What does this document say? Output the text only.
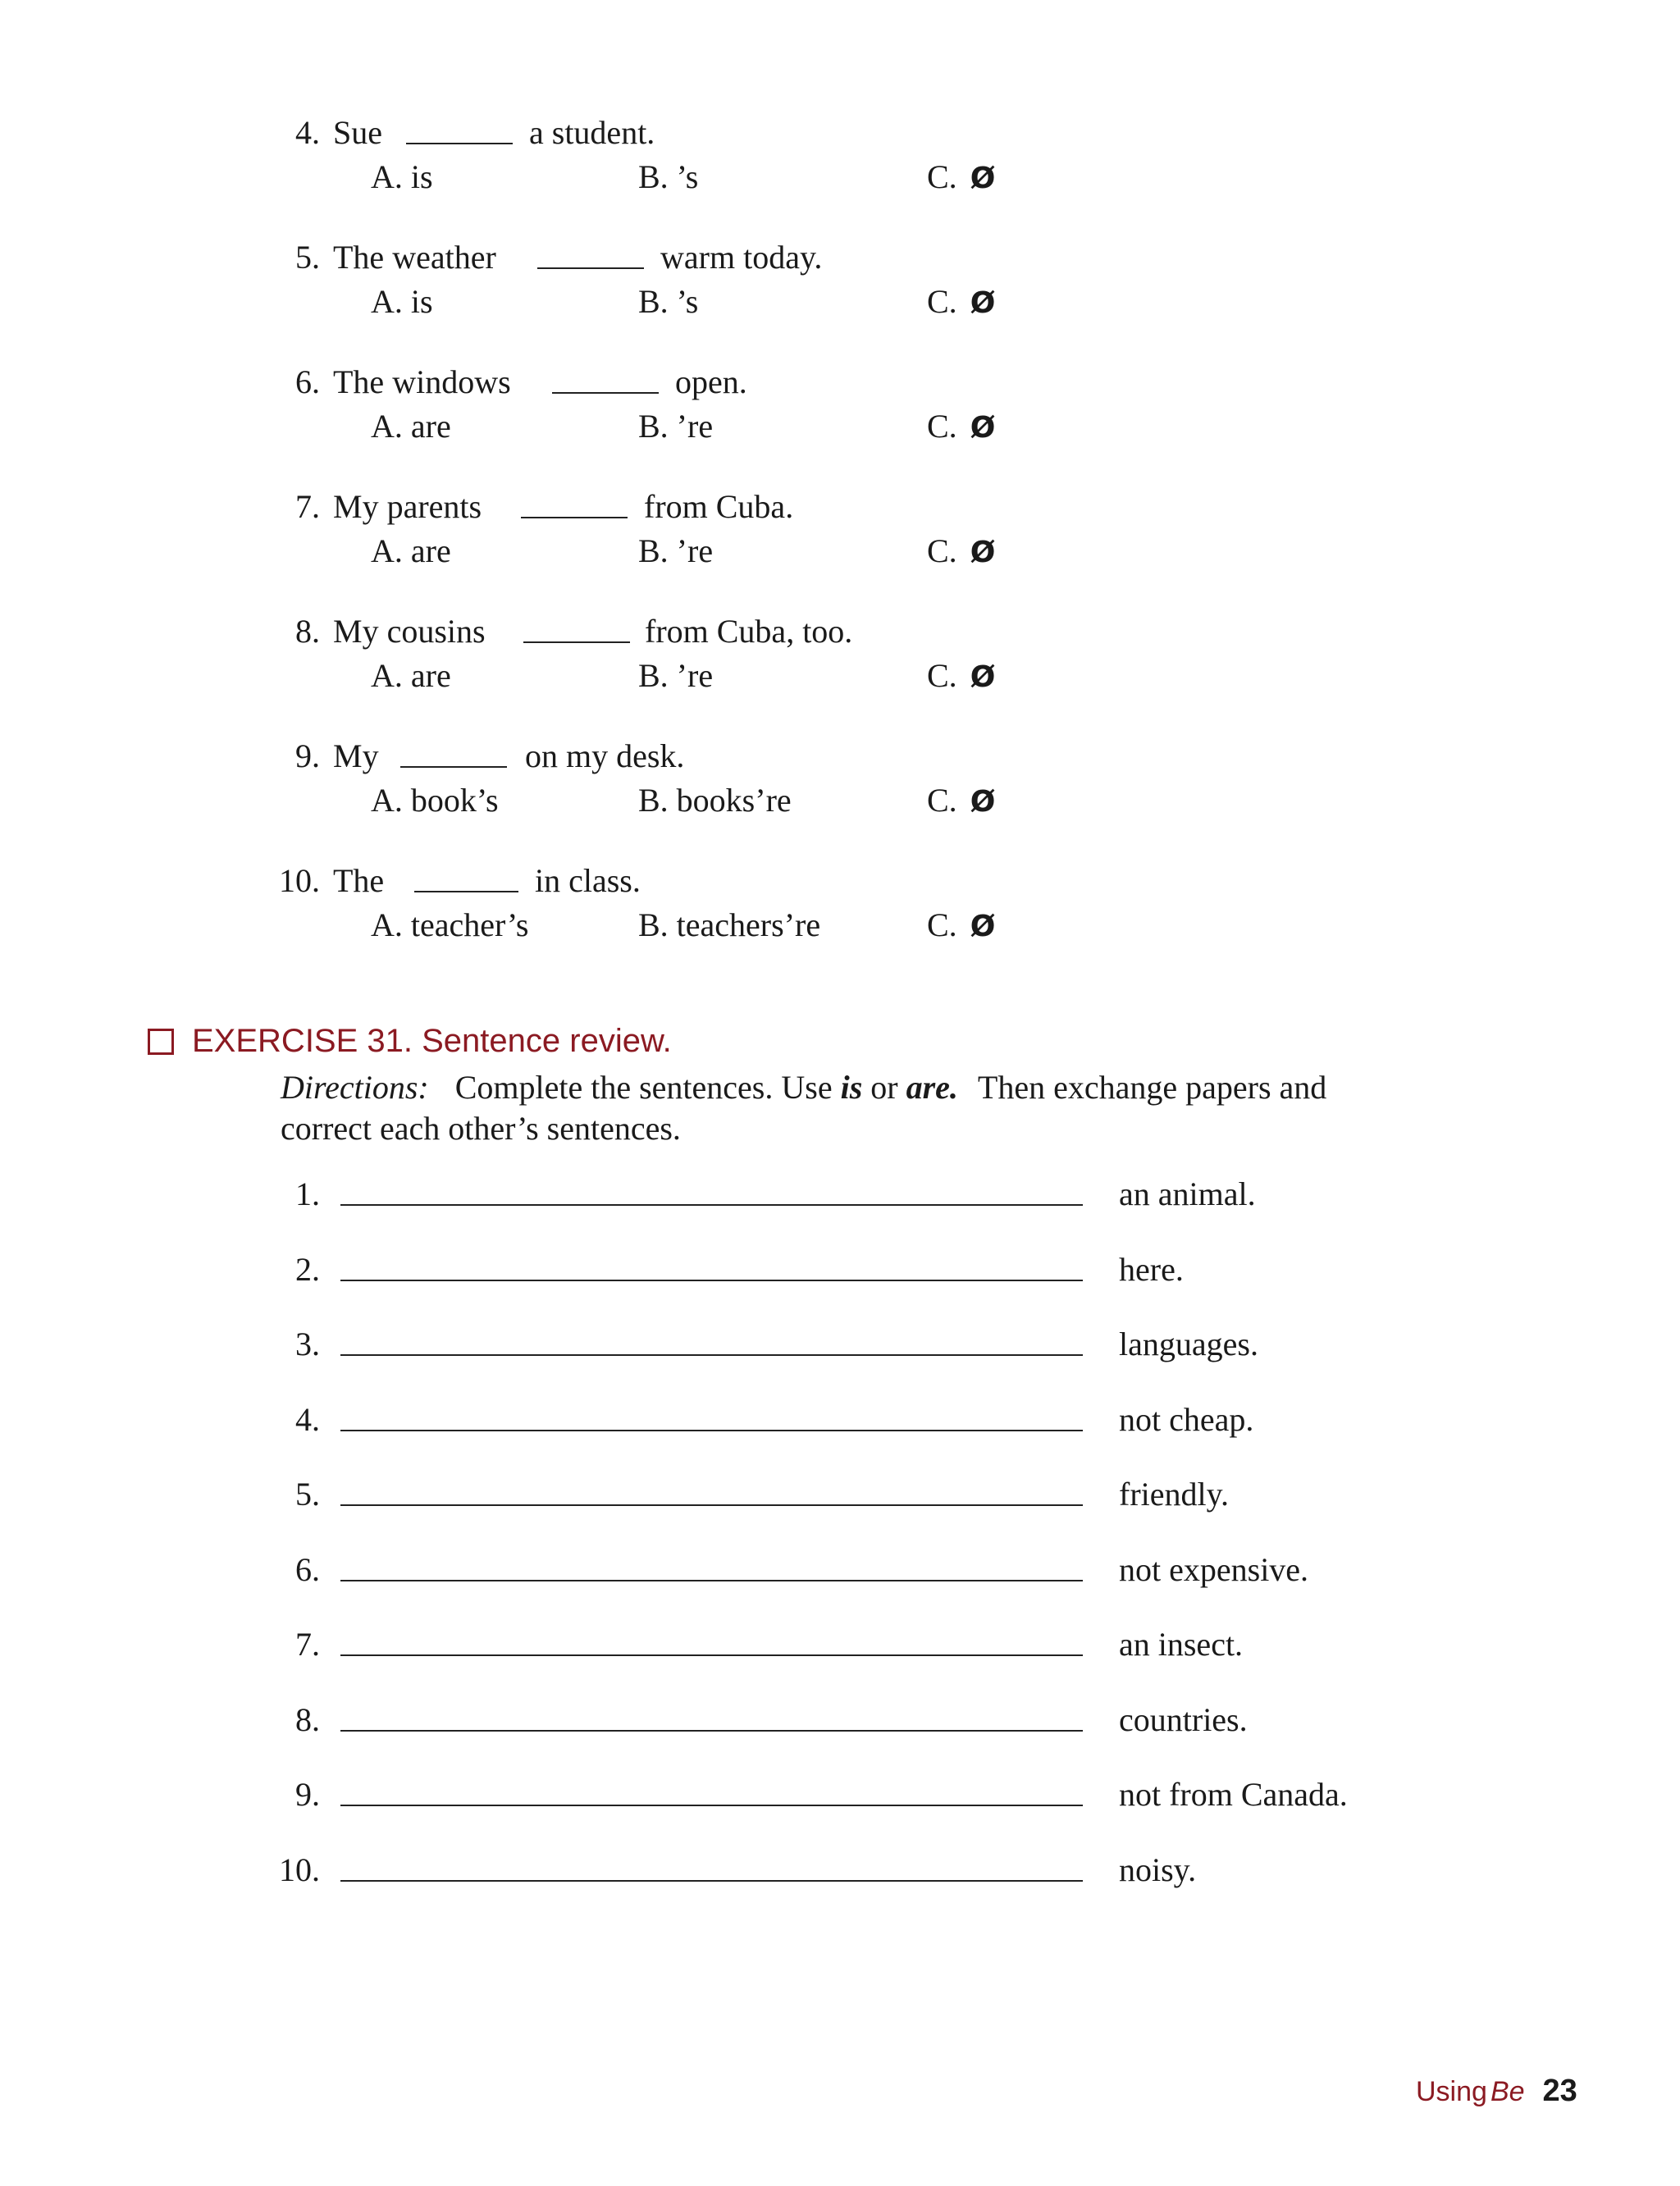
4. Sue	a student.
A. is	B. ’s	C. Ø
5. The weather	warm today.
A. is	B. ’s	C. Ø
6. The windows	open.
A. are	B. ’re	C. Ø
7. My parents	from Cuba.
A. are	B. ’re	C. Ø
8. My cousins	from Cuba, too.
A. are	B. ’re	C. Ø
9. My	on my desk.
A. book’s	B. books’re	C. Ø
10. The	in class.
A. teacher’s	B. teachers’re	C. Ø
EXERCISE 31. Sentence review.
Directions: Complete the sentences. Use is or are. Then exchange papers and
correct each other’s sentences.
1.	an animal.
2.	here.
3.	languages.
4.	not cheap.
5.	friendly.
6.	not expensive.
7.	an insect.
8.	countries.
9.	not from Canada.
10.	noisy.
Using Be 23
